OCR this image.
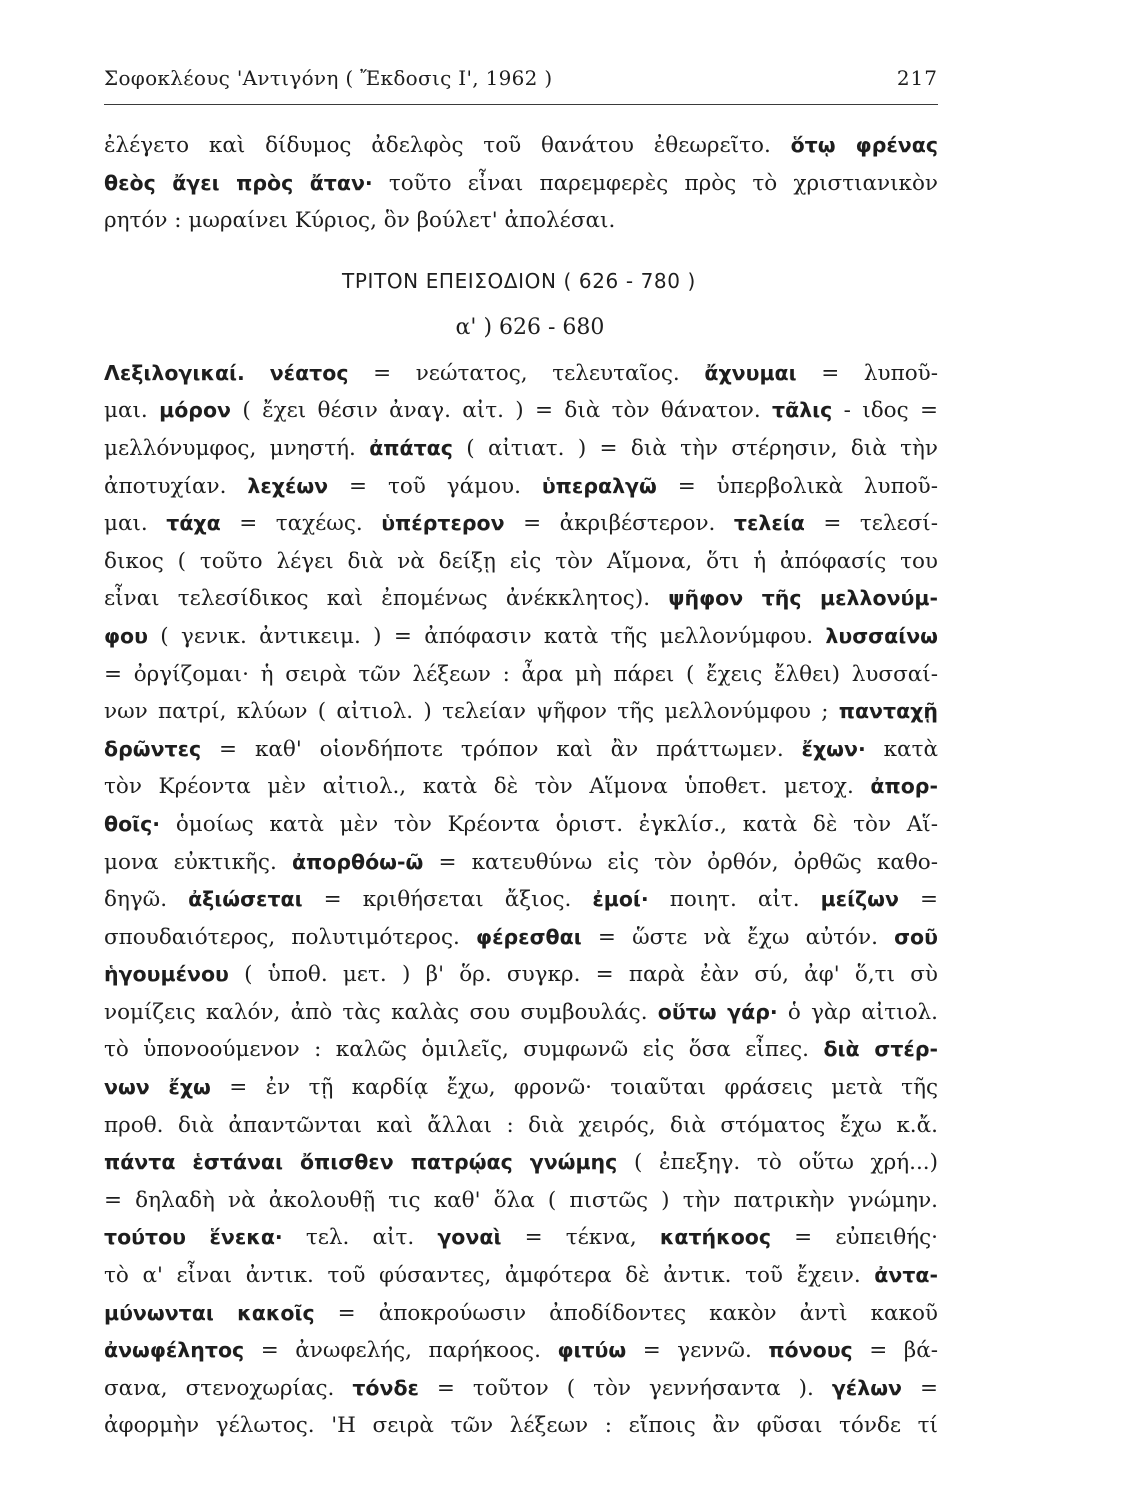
Σοφοκλέους 'Αντιγόνη ( Ἔκδοσις Ι', 1962 )	217
ἐλέγετο καὶ δίδυμος ἀδελφὸς τοῦ θανάτου ἐθεωρεῖτο. ὅτῳ φρένας
θεὸς ἄγει πρὸς ἄταν· τοῦτο εἶναι παρεμφερὲς πρὸς τὸ χριστιανικὸν
ρητόν : μωραίνει Κύριος, ὃν βούλετ' ἀπολέσαι.
ΤΡΙΤΟΝ ΕΠΕΙΣΟΔΙΟΝ ( 626 - 780 )
α' ) 626 - 680
Λεξιλογικαί. νέατος = νεώτατος, τελευταῖος. ἄχνυμαι = λυποῦ-
μαι. μόρον ( ἔχει θέσιν ἀναγ. αἰτ. ) = διὰ τὸν θάνατον. τᾶλις - ιδος =
μελλόνυμφος, μνηστή. ἀπάτας ( αἰτιατ. ) = διὰ τὴν στέρησιν, διὰ τὴν
ἀποτυχίαν. λεχέων = τοῦ γάμου. ὑπεραλγῶ = ὑπερβολικὰ λυποῦ-
μαι. τάχα = ταχέως. ὑπέρτερον = ἀκριβέστερον. τελεία = τελεσί-
δικος ( τοῦτο λέγει διὰ νὰ δείξῃ εἰς τὸν Αἵμονα, ὅτι ἡ ἀπόφασίς του
εἶναι τελεσίδικος καὶ ἐπομένως ἀνέκκλητος). ψῆφον τῆς μελλονύμ-
φου ( γενικ. ἀντικειμ. ) = ἀπόφασιν κατὰ τῆς μελλονύμφου. λυσσαίνω
= ὀργίζομαι· ἡ σειρὰ τῶν λέξεων : ἆρα μὴ πάρει ( ἔχεις ἔλθει) λυσσαί-
νων πατρί, κλύων ( αἰτιολ. ) τελείαν ψῆφον τῆς μελλονύμφου ; πανταχῇ
δρῶντες = καθ' οἱονδήποτε τρόπον καὶ ἂν πράττωμεν. ἔχων· κατὰ
τὸν Κρέοντα μὲν αἰτιολ., κατὰ δὲ τὸν Αἵμονα ὑποθετ. μετοχ. ἀπορ-
θοῖς· ὁμοίως κατὰ μὲν τὸν Κρέοντα ὁριστ. ἐγκλίσ., κατὰ δὲ τὸν Αἵ-
μονα εὐκτικῆς. ἀπορθόω-ῶ = κατευθύνω εἰς τὸν ὀρθόν, ὀρθῶς καθο-
δηγῶ. ἀξιώσεται = κριθήσεται ἄξιος. ἐμοί· ποιητ. αἰτ. μείζων =
σπουδαιότερος, πολυτιμότερος. φέρεσθαι = ὥστε νὰ ἔχω αὐτόν. σοῦ
ἡγουμένου ( ὑποθ. μετ. ) β' ὅρ. συγκρ. = παρὰ ἐὰν σύ, ἀφ' ὅ,τι σὺ
νομίζεις καλόν, ἀπὸ τὰς καλὰς σου συμβουλάς. οὕτω γάρ· ὁ γὰρ αἰτιολ.
τὸ ὑπονοούμενον : καλῶς ὁμιλεῖς, συμφωνῶ εἰς ὅσα εἶπες. διὰ στέρ-
νων ἔχω = ἐν τῇ καρδίᾳ ἔχω, φρονῶ· τοιαῦται φράσεις μετὰ τῆς
προθ. διὰ ἀπαντῶνται καὶ ἄλλαι : διὰ χειρός, διὰ στόματος ἔχω κ.ἄ.
πάντα ἑστάναι ὄπισθεν πατρῴας γνώμης ( ἐπεξηγ. τὸ οὕτω χρή...)
= δηλαδὴ νὰ ἀκολουθῇ τις καθ' ὅλα ( πιστῶς ) τὴν πατρικὴν γνώμην.
τούτου ἕνεκα· τελ. αἰτ. γοναὶ = τέκνα, κατήκοος = εὐπειθής·
τὸ α' εἶναι ἀντικ. τοῦ φύσαντες, ἀμφότερα δὲ ἀντικ. τοῦ ἔχειν. ἀντα-
μύνωνται κακοῖς = ἀποκρούωσιν ἀποδίδοντες κακὸν ἀντὶ κακοῦ
ἀνωφέλητος = ἀνωφελής, παρήκοος. φιτύω = γεννῶ. πόνους = βά-
σανα, στενοχωρίας. τόνδε = τοῦτον ( τὸν γεννήσαντα ). γέλων =
ἀφορμὴν γέλωτος. 'Η σειρὰ τῶν λέξεων : εἴποις ἂν φῦσαι τόνδε τί
